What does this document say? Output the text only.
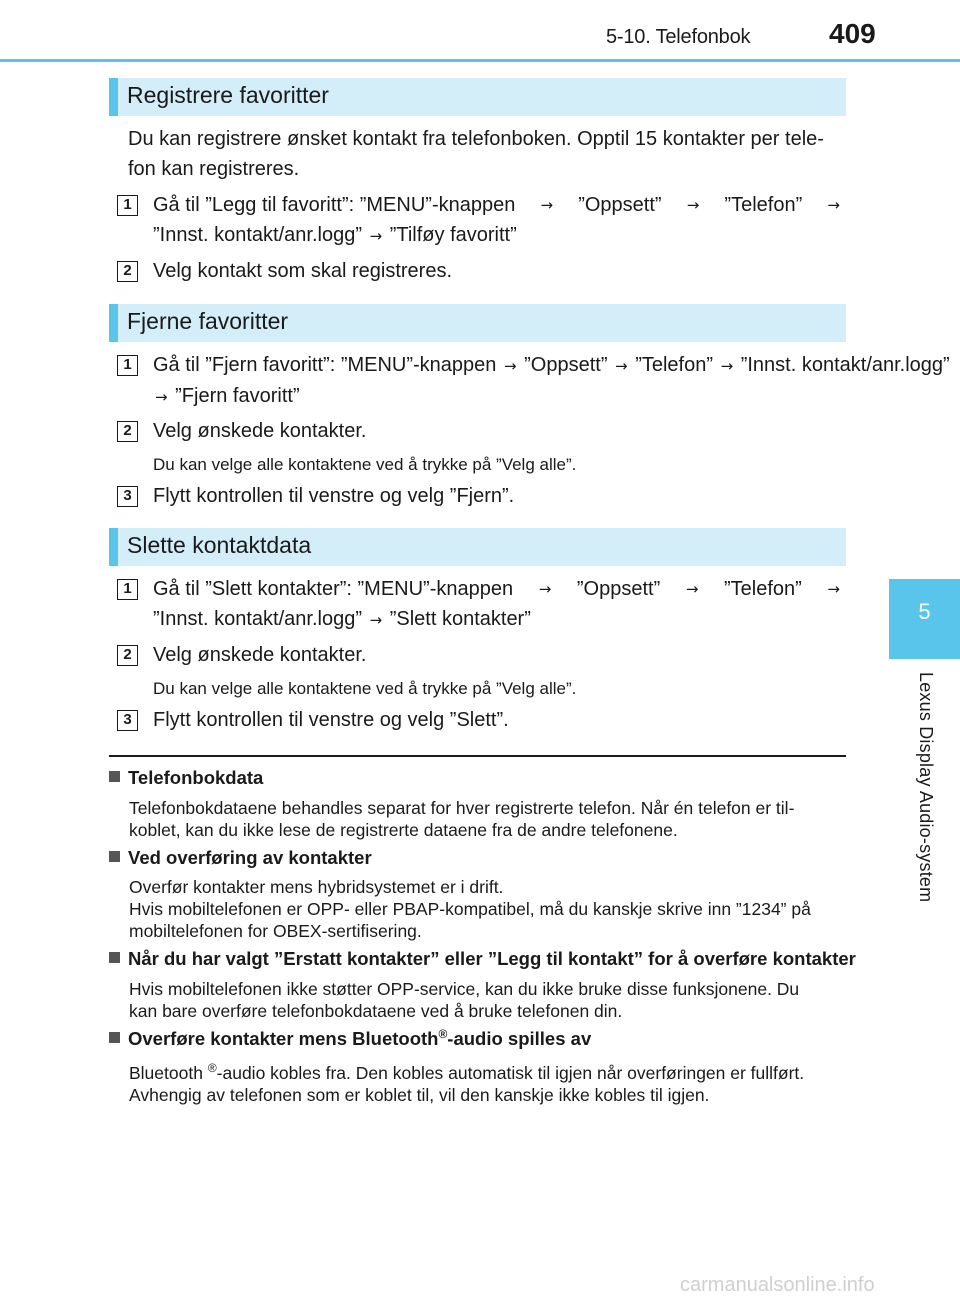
5-10. Telefonbok	409
5
Lexus Display Audio-system
Registrere favoritter
Du kan registrere ønsket kontakt fra telefonboken. Opptil 15 kontakter per tele-
fon kan registreres.
1	Gå til ”Legg til favoritt”: ”MENU”-knappen → ”Oppsett” → ”Telefon” →
”Innst. kontakt/anr.logg” → ”Tilføy favoritt”
2	Velg kontakt som skal registreres.
Fjerne favoritter
1	Gå til ”Fjern favoritt”: ”MENU”-knappen → ”Oppsett” → ”Telefon” → ”Innst. kontakt/anr.logg”
→ ”Fjern favoritt”
2	Velg ønskede kontakter.
Du kan velge alle kontaktene ved å trykke på ”Velg alle”.
3	Flytt kontrollen til venstre og velg ”Fjern”.
Slette kontaktdata
1	Gå til ”Slett kontakter”: ”MENU”-knappen → ”Oppsett” → ”Telefon” →
”Innst. kontakt/anr.logg” → ”Slett kontakter”
2	Velg ønskede kontakter.
Du kan velge alle kontaktene ved å trykke på ”Velg alle”.
3	Flytt kontrollen til venstre og velg ”Slett”.
Telefonbokdata
Telefonbokdataene behandles separat for hver registrerte telefon. Når én telefon er til-
koblet, kan du ikke lese de registrerte dataene fra de andre telefonene.
Ved overføring av kontakter
Overfør kontakter mens hybridsystemet er i drift.
Hvis mobiltelefonen er OPP- eller PBAP-kompatibel, må du kanskje skrive inn ”1234” på
mobiltelefonen for OBEX-sertifisering.
Når du har valgt ”Erstatt kontakter” eller ”Legg til kontakt” for å overføre kontakter
Hvis mobiltelefonen ikke støtter OPP-service, kan du ikke bruke disse funksjonene. Du
kan bare overføre telefonbokdataene ved å bruke telefonen din.
Overføre kontakter mens Bluetooth®-audio spilles av
Bluetooth ®-audio kobles fra. Den kobles automatisk til igjen når overføringen er fullført.
Avhengig av telefonen som er koblet til, vil den kanskje ikke kobles til igjen.
carmanualsonline.info
